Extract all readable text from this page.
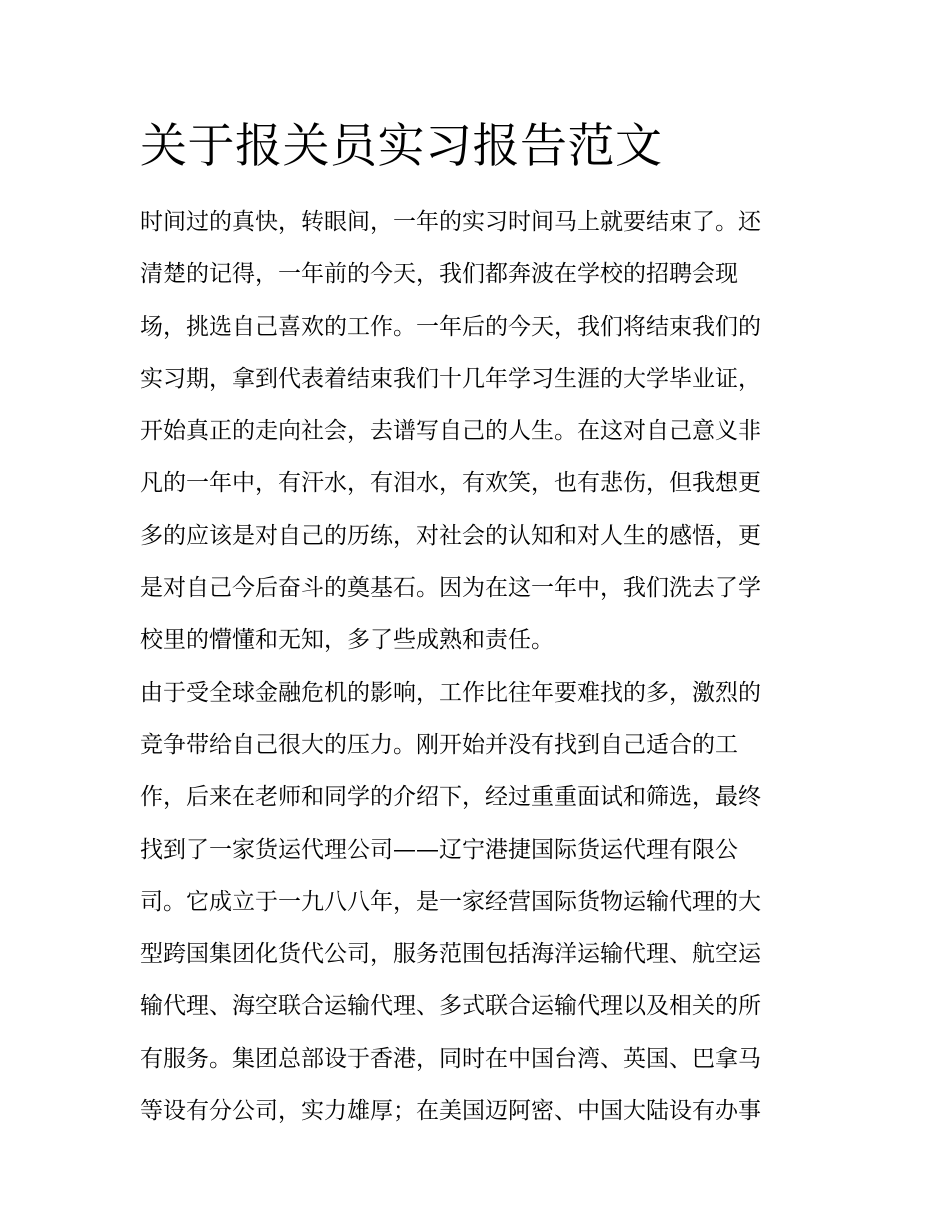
关于报关员实习报告范文

时间过的真快，转眼间，一年的实习时间马上就要结束了。还
清楚的记得，一年前的今天，我们都奔波在学校的招聘会现
场，挑选自己喜欢的工作。一年后的今天，我们将结束我们的
实习期，拿到代表着结束我们十几年学习生涯的大学毕业证，
开始真正的走向社会，去谱写自己的人生。在这对自己意义非
凡的一年中，有汗水，有泪水，有欢笑，也有悲伤，但我想更
多的应该是对自己的历练，对社会的认知和对人生的感悟，更
是对自己今后奋斗的奠基石。因为在这一年中，我们洗去了学
校里的懵懂和无知，多了些成熟和责任。

由于受全球金融危机的影响，工作比往年要难找的多，激烈的
竞争带给自己很大的压力。刚开始并没有找到自己适合的工
作，后来在老师和同学的介绍下，经过重重面试和筛选，最终
找到了一家货运代理公司——辽宁港捷国际货运代理有限公
司。它成立于一九八八年，是一家经营国际货物运输代理的大
型跨国集团化货代公司，服务范围包括海洋运输代理、航空运
输代理、海空联合运输代理、多式联合运输代理以及相关的所
有服务。集团总部设于香港，同时在中国台湾、英国、巴拿马
等设有分公司，实力雄厚；在美国迈阿密、中国大陆设有办事
